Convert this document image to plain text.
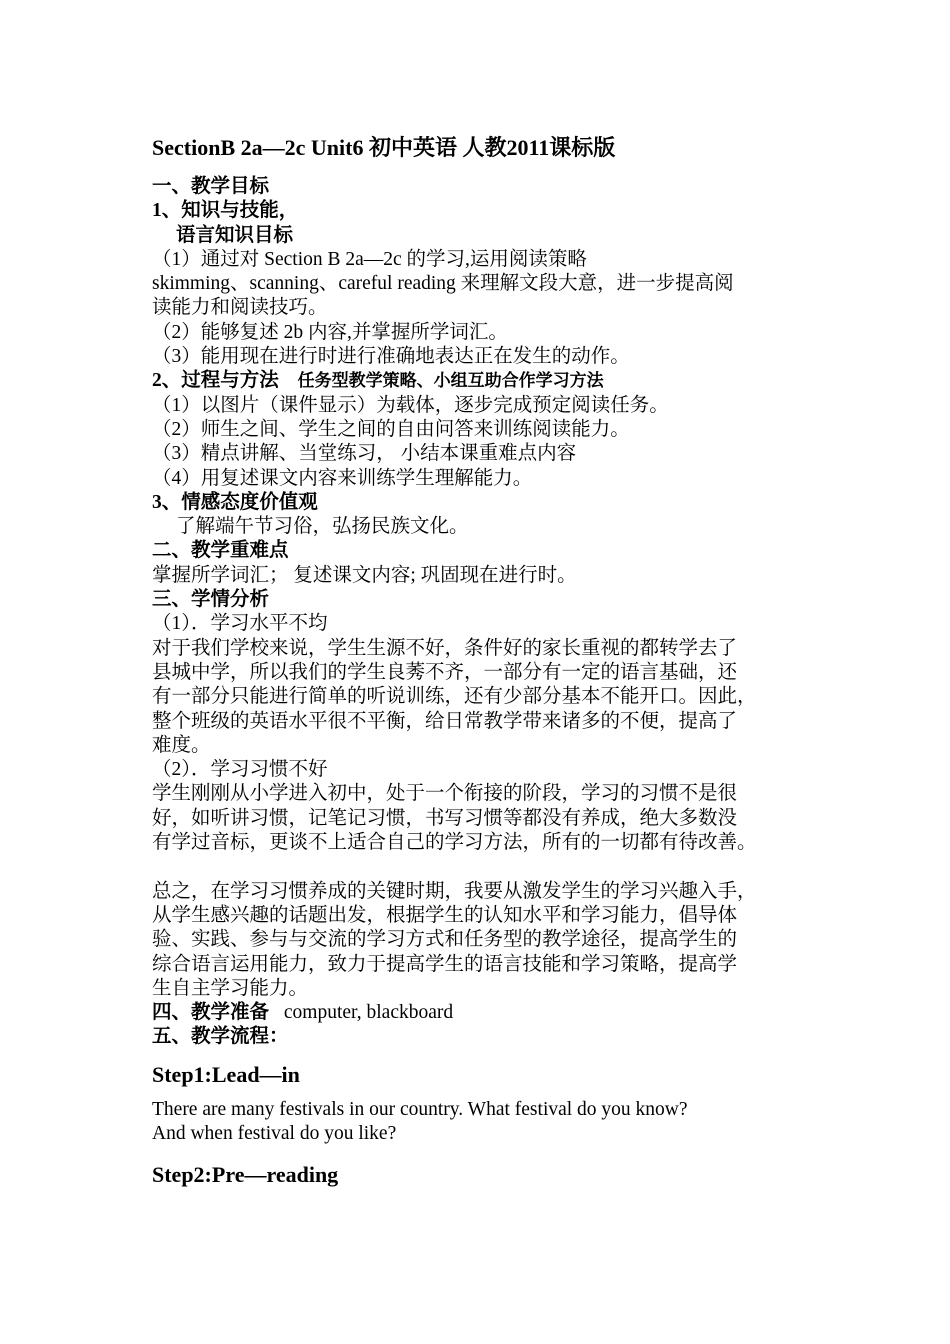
SectionB 2a—2c Unit6 初中英语 人教2011课标版
一、教学目标
1、知识与技能，
语言知识目标
（1）通过对 Section B 2a—2c 的学习,运用阅读策略
skimming、scanning、careful reading 来理解文段大意，进一步提高阅
读能力和阅读技巧。
（2）能够复述 2b 内容,并掌握所学词汇。
（3）能用现在进行时进行准确地表达正在发生的动作。
2、过程与方法 任务型教学策略、小组互助合作学习方法
（1）以图片（课件显示）为载体，逐步完成预定阅读任务。
（2）师生之间、学生之间的自由问答来训练阅读能力。
（3）精点讲解、当堂练习， 小结本课重难点内容
（4）用复述课文内容来训练学生理解能力。
3、情感态度价值观
了解端午节习俗，弘扬民族文化。
二、教学重难点
掌握所学词汇； 复述课文内容; 巩固现在进行时。
三、学情分析
（1）．学习水平不均
对于我们学校来说，学生生源不好，条件好的家长重视的都转学去了
县城中学，所以我们的学生良莠不齐，一部分有一定的语言基础，还
有一部分只能进行简单的听说训练，还有少部分基本不能开口。因此，
整个班级的英语水平很不平衡，给日常教学带来诸多的不便，提高了
难度。
（2）．学习习惯不好
学生刚刚从小学进入初中，处于一个衔接的阶段，学习的习惯不是很
好，如听讲习惯，记笔记习惯，书写习惯等都没有养成，绝大多数没
有学过音标，更谈不上适合自己的学习方法，所有的一切都有待改善。
总之，在学习习惯养成的关键时期，我要从激发学生的学习兴趣入手，
从学生感兴趣的话题出发，根据学生的认知水平和学习能力，倡导体
验、实践、参与与交流的学习方式和任务型的教学途径，提高学生的
综合语言运用能力，致力于提高学生的语言技能和学习策略，提高学
生自主学习能力。
四、教学准备 computer, blackboard
五、教学流程：
Step1:Lead—in
There are many festivals in our country. What festival do you know?
And when festival do you like?
Step2:Pre—reading
